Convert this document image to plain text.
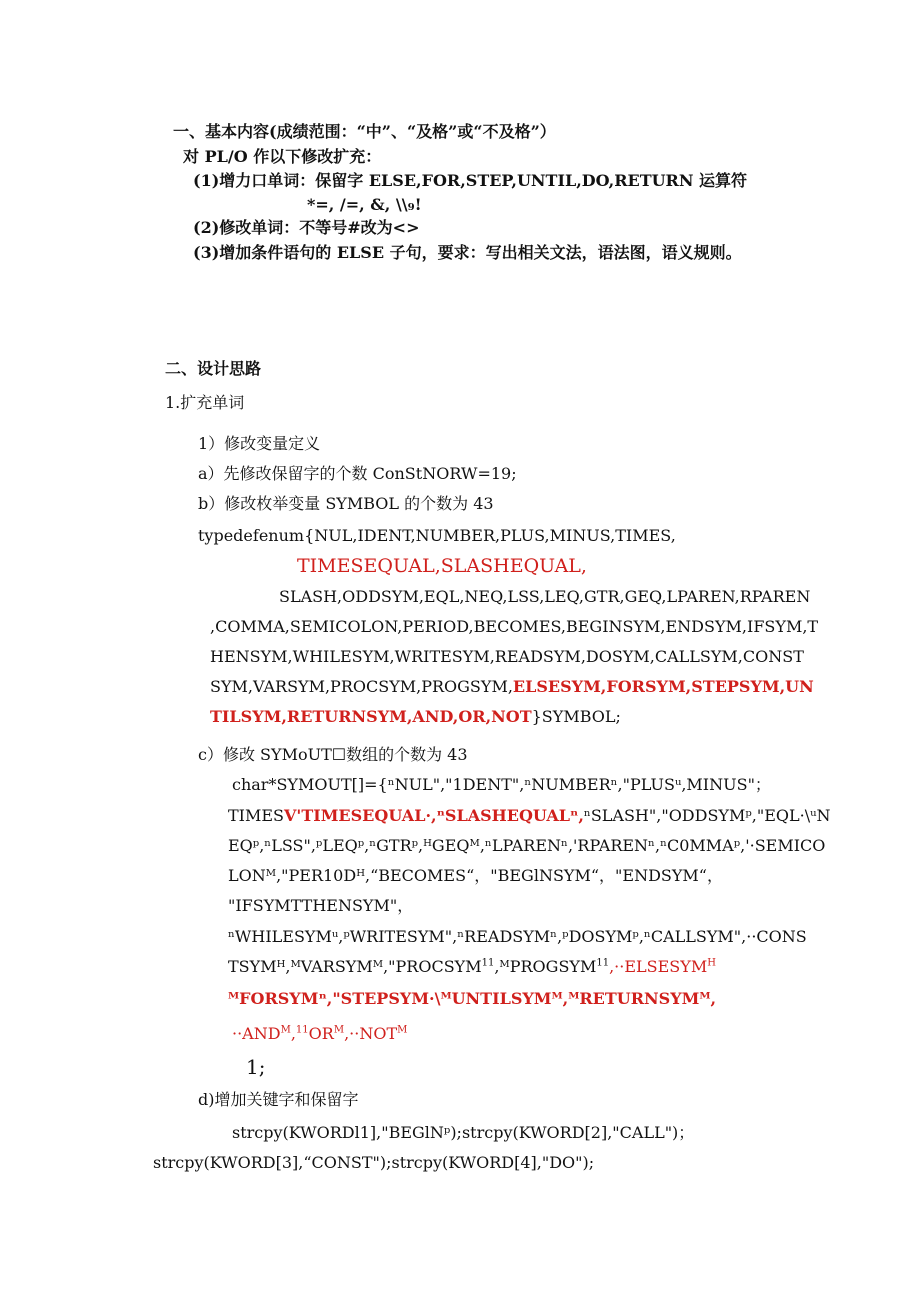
一、基本内容(成绩范围：“中”、“及格”或“不及格”）
对 PL/O 作以下修改扩充：
(1)增力口单词：保留字 ELSE,FOR,STEP,UNTIL,DO,RETURN 运算符
*=, /=, &, \\₉!
(2)修改单词：不等号#改为<>
(3)增加条件语句的 ELSE 子句，要求：写出相关文法，语法图，语义规则。
二、设计思路
1.扩充单词
1）修改变量定义
a）先修改保留字的个数 ConStNORW=19;
b）修改枚举变量 SYMBOL 的个数为 43
typedefenum{NUL,IDENT,NUMBER,PLUS,MINUS,TIMES,
TIMESEQUAL,SLASHEQUAL,
SLASH,ODDSYM,EQL,NEQ,LSS,LEQ,GTR,GEQ,LPAREN,RPAREN
,COMMA,SEMICOLON,PERIOD,BECOMES,BEGINSYM,ENDSYM,IFSYM,T
HENSYM,WHILESYM,WRITESYM,READSYM,DOSYM,CALLSYM,CONST
SYM,VARSYM,PROCSYM,PROGSYM,ELSESYM,FORSYM,STEPSYM,UN
TILSYM,RETURNSYM,AND,OR,NOT}SYMBOL;
c）修改 SYMoUT☐数组的个数为 43
char*SYMOUT[]={ⁿNUL","1DENT",ⁿNUMBERⁿ,"PLUSᵘ,MINUS"；
TIMESV'TIMESEQUAL·,ⁿSLASHEQUALⁿ,ⁿSLASH","ODDSYMᵖ,"EQL·\ᵘN
EQᵖ,ⁿLSS",ᵖLEQᵖ,ⁿGTRᵖ,ᴴGEQᴹ,ⁿLPARENⁿ,'RPARENⁿ,ⁿC0MMAᵖ,'·SEMICO
LONᴹ,"PER10Dᴴ,“BECOMES“，"BEGlNSYM“，"ENDSYM“，
"IFSYMTTHENSYM"，
ⁿWHILESYMᵘ,ᵖWRITESYM",ⁿREADSYMⁿ,ᵖDOSYMᵖ,ⁿCALLSYM",··CONS
$TSYMᴴ,ᴹVARSYMᴹ,"PROCSYM^{11},ᴹPROGSYM^{11},\cdot\cdot ELSESYM^H$
ᴹFORSYMⁿ,"STEPSYM·\ᴹUNTILSYMᴹ,ᴹRETURNSYMᴹ,
$\cdot\cdot AND^M,^{11}OR^M,\cdot\cdot NOT^M$
1;
d)增加关键字和保留字
strcpy(KWORDl1],"BEGlNᵖ);strcpy(KWORD[2],"CALL")；
strcpy(KWORD[3],“CONST");strcpy(KWORD[4],"DO");
